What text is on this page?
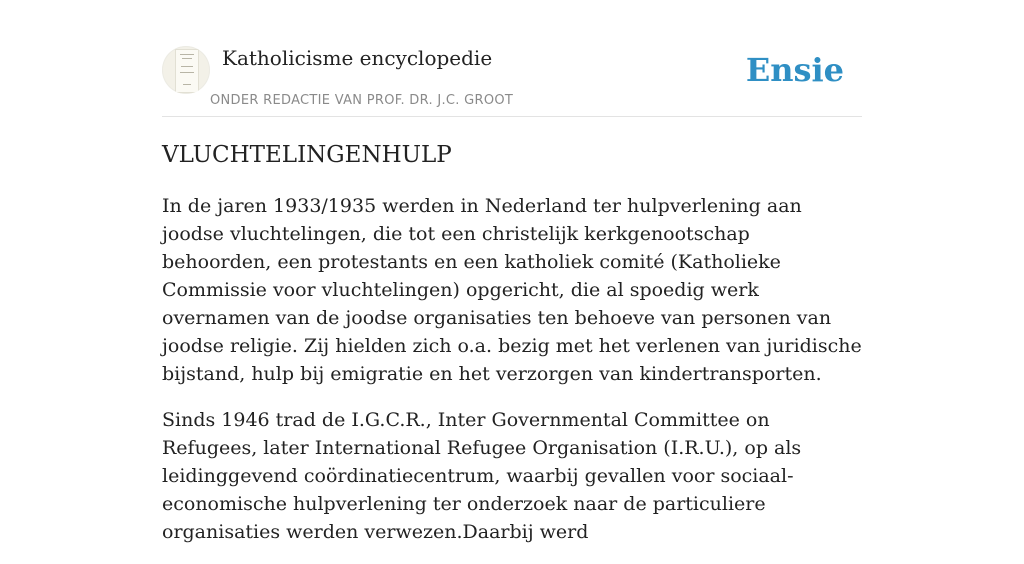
Katholicisme encyclopedie
ONDER REDACTIE VAN PROF. DR. J.C. GROOT
Ensie
VLUCHTELINGENHULP

In de jaren 1933/1935 werden in Nederland ter hulpverlening aan joodse vluchtelingen, die tot een christelijk kerkgenootschap behoorden, een protestants en een katholiek comité (Katholieke Commissie voor vluchtelingen) opgericht, die al spoedig werk overnamen van de joodse organisaties ten behoeve van personen van joodse religie. Zij hielden zich o.a. bezig met het verlenen van juridische bijstand, hulp bij emigratie en het verzorgen van kindertransporten.

Sinds 1946 trad de I.G.C.R., Inter Governmental Committee on Refugees, later International Refugee Organisation (I.R.U.), op als leidinggevend coördinatiecentrum, waarbij gevallen voor sociaal-economische hulpverlening ter onderzoek naar de particuliere organisaties werden verwezen.Daarbij werd
